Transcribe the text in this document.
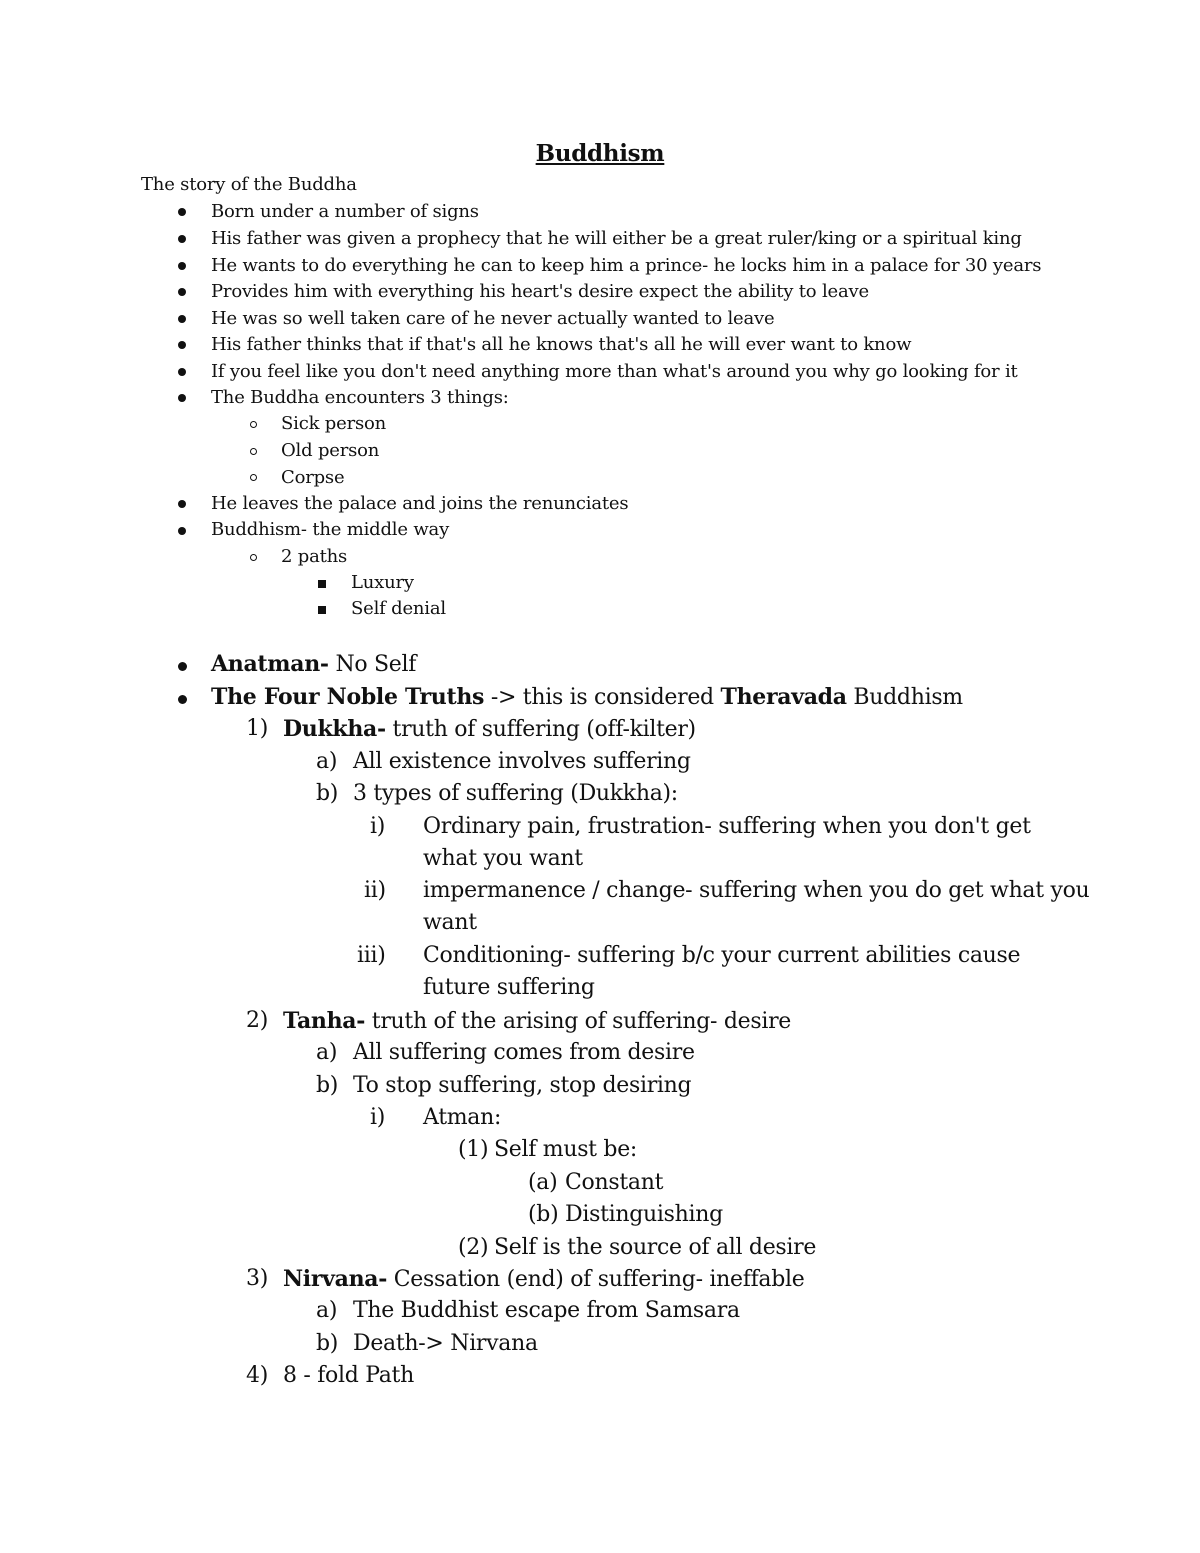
Buddhism
The story of the Buddha
Born under a number of signs
His father was given a prophecy that he will either be a great ruler/king or a spiritual king
He wants to do everything he can to keep him a prince- he locks him in a palace for 30 years
Provides him with everything his heart's desire expect the ability to leave
He was so well taken care of he never actually wanted to leave
His father thinks that if that's all he knows that's all he will ever want to know
If you feel like you don't need anything more than what's around you why go looking for it
The Buddha encounters 3 things:
Sick person
Old person
Corpse
He leaves the palace and joins the renunciates
Buddhism- the middle way
2 paths
Luxury
Self denial
Anatman- No Self
The Four Noble Truths -> this is considered Theravada Buddhism
1) Dukkha- truth of suffering (off-kilter)
a) All existence involves suffering
b) 3 types of suffering (Dukkha):
i) Ordinary pain, frustration- suffering when you don't get
what you want
ii) impermanence / change- suffering when you do get what you
want
iii) Conditioning- suffering b/c your current abilities cause
future suffering
2) Tanha- truth of the arising of suffering- desire
a) All suffering comes from desire
b) To stop suffering, stop desiring
i) Atman:
(1) Self must be:
(a) Constant
(b) Distinguishing
(2) Self is the source of all desire
3) Nirvana- Cessation (end) of suffering- ineffable
a) The Buddhist escape from Samsara
b) Death-> Nirvana
4) 8 - fold Path
